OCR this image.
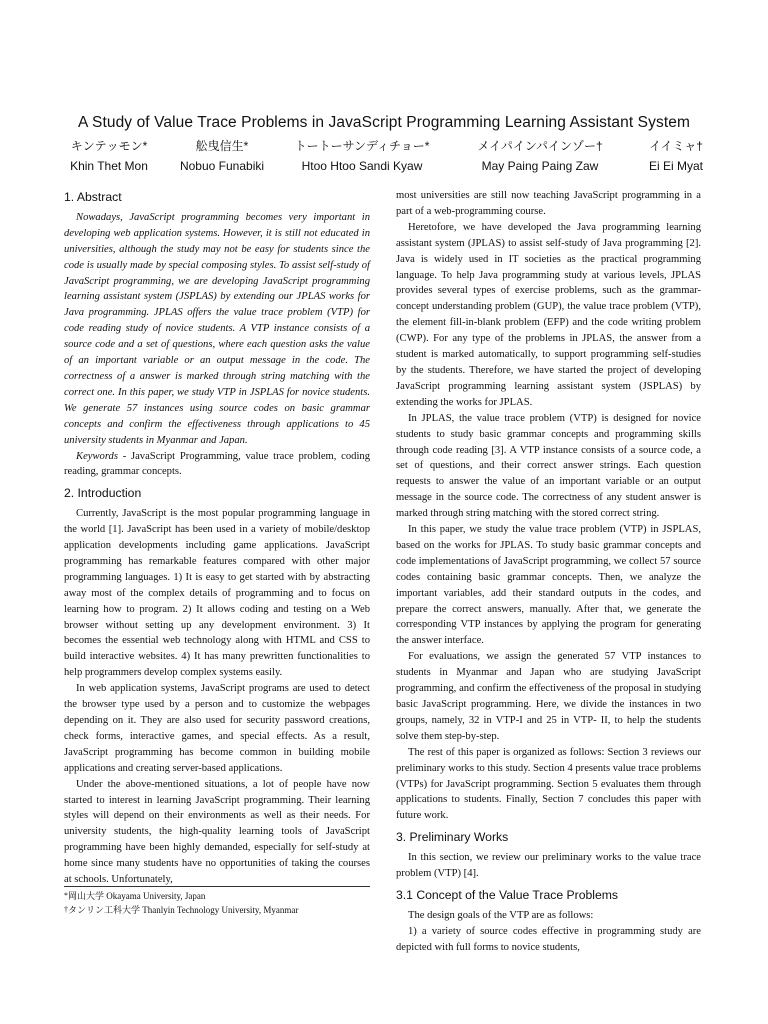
A Study of Value Trace Problems in JavaScript Programming Learning Assistant System
キンテッモン*
Khin Thet Mon
舩曳信生*
Nobuo Funabiki
トートーサンディチョー*
Htoo Htoo Sandi Kyaw
メイパインパインゾー†
May Paing Paing Zaw
イイミャ†
Ei Ei Myat
1. Abstract

Nowadays, JavaScript programming becomes very important in developing web application systems. However, it is still not educated in universities, although the study may not be easy for students since the code is usually made by special composing styles. To assist self-study of JavaScript programming, we are developing JavaScript programming learning assistant system (JSPLAS) by extending our JPLAS works for Java programming. JPLAS offers the value trace problem (VTP) for code reading study of novice students. A VTP instance consists of a source code and a set of questions, where each question asks the value of an important variable or an output message in the code. The correctness of a answer is marked through string matching with the correct one. In this paper, we study VTP in JSPLAS for novice students. We generate 57 instances using source codes on basic grammar concepts and confirm the effectiveness through applications to 45 university students in Myanmar and Japan.

Keywords - JavaScript Programming, value trace problem, coding reading, grammar concepts.

2. Introduction

Currently, JavaScript is the most popular programming language in the world [1]. JavaScript has been used in a variety of mobile/desktop application developments including game applications. JavaScript programming has remarkable features compared with other major programming languages. 1) It is easy to get started with by abstracting away most of the complex details of programming and to focus on learning how to program. 2) It allows coding and testing on a Web browser without setting up any development environment. 3) It becomes the essential web technology along with HTML and CSS to build interactive websites. 4) It has many prewritten functionalities to help programmers develop complex systems easily.

In web application systems, JavaScript programs are used to detect the browser type used by a person and to customize the webpages depending on it. They are also used for security password creations, check forms, interactive games, and special effects. As a result, JavaScript programming has become common in building mobile applications and creating server-based applications.

Under the above-mentioned situations, a lot of people have now started to interest in learning JavaScript programming. Their learning styles will depend on their environments as well as their needs. For university students, the high-quality learning tools of JavaScript programming have been highly demanded, especially for self-study at home since many students have no opportunities of taking the courses at schools. Unfortunately,

*岡山大学 Okayama University, Japan
†タンリン工科大学 Thanlyin Technology University, Myanmar

most universities are still now teaching JavaScript programming in a part of a web-programming course.

Heretofore, we have developed the Java programming learning assistant system (JPLAS) to assist self-study of Java programming [2]. Java is widely used in IT societies as the practical programming language. To help Java programming study at various levels, JPLAS provides several types of exercise problems, such as the grammar-concept understanding problem (GUP), the value trace problem (VTP), the element fill-in-blank problem (EFP) and the code writing problem (CWP). For any type of the problems in JPLAS, the answer from a student is marked automatically, to support programming self-studies by the students. Therefore, we have started the project of developing JavaScript programming learning assistant system (JSPLAS) by extending the works for JPLAS.

In JPLAS, the value trace problem (VTP) is designed for novice students to study basic grammar concepts and programming skills through code reading [3]. A VTP instance consists of a source code, a set of questions, and their correct answer strings. Each question requests to answer the value of an important variable or an output message in the source code. The correctness of any student answer is marked through string matching with the stored correct string.

In this paper, we study the value trace problem (VTP) in JSPLAS, based on the works for JPLAS. To study basic grammar concepts and code implementations of JavaScript programming, we collect 57 source codes containing basic grammar concepts. Then, we analyze the important variables, add their standard outputs in the codes, and prepare the correct answers, manually. After that, we generate the corresponding VTP instances by applying the program for generating the answer interface.

For evaluations, we assign the generated 57 VTP instances to students in Myanmar and Japan who are studying JavaScript programming, and confirm the effectiveness of the proposal in studying basic JavaScript programming. Here, we divide the instances in two groups, namely, 32 in VTP-I and 25 in VTP- II, to help the students solve them step-by-step.

The rest of this paper is organized as follows: Section 3 reviews our preliminary works to this study. Section 4 presents value trace problems (VTPs) for JavaScript programming. Section 5 evaluates them through applications to students. Finally, Section 7 concludes this paper with future work.

3. Preliminary Works

In this section, we review our preliminary works to the value trace problem (VTP) [4].

3.1 Concept of the Value Trace Problems

The design goals of the VTP are as follows:

1) a variety of source codes effective in programming study are depicted with full forms to novice students,
